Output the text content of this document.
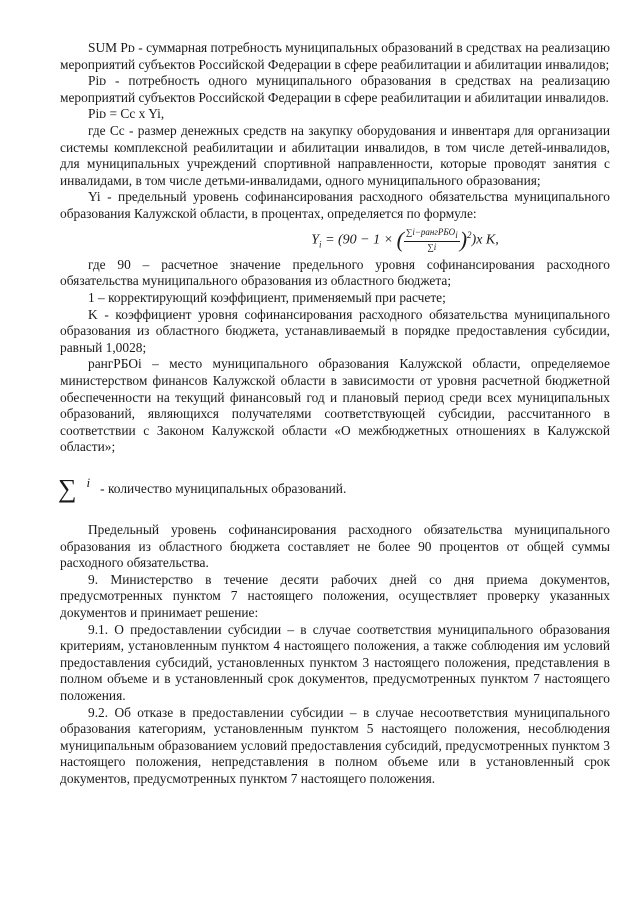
SUM Pᴅ - суммарная потребность муниципальных образований в средствах на реализацию мероприятий субъектов Российской Федерации в сфере реабилитации и абилитации инвалидов;

Piᴅ - потребность одного муниципального образования в средствах на реализацию мероприятий субъектов Российской Федерации в сфере реабилитации и абилитации инвалидов.

Piᴅ = Cc x Yi,

где Cc - размер денежных средств на закупку оборудования и инвентаря для организации системы комплексной реабилитации и абилитации инвалидов, в том числе детей-инвалидов, для муниципальных учреждений спортивной направленности, которые проводят занятия с инвалидами, в том числе детьми-инвалидами, одного муниципального образования;

Yi - предельный уровень софинансирования расходного обязательства муниципального образования Калужской области, в процентах, определяется по формуле:

$Y_i = (90 - 1$ × ( $\frac{\text{∑i−рангРБОi}}{\sum i} )^2)x$ K,

где 90 – расчетное значение предельного уровня софинансирования расходного обязательства муниципального образования из областного бюджета;

1 – корректирующий коэффициент, применяемый при расчете;

K - коэффициент уровня софинансирования расходного обязательства муниципального образования из областного бюджета, устанавливаемый в порядке предоставления субсидии, равный 1,0028;

рангРБОi – место муниципального образования Калужской области, определяемое министерством финансов Калужской области в зависимости от уровня расчетной бюджетной обеспеченности на текущий финансовый год и плановый период среди всех муниципальных образований, являющихся получателями соответствующей субсидии, рассчитанного в соответствии с Законом Калужской области «О межбюджетных отношениях в Калужской области»;

∑ i - количество муниципальных образований.

Предельный уровень софинансирования расходного обязательства муниципального образования из областного бюджета составляет не более 90 процентов от общей суммы расходного обязательства.

9. Министерство в течение десяти рабочих дней со дня приема документов, предусмотренных пунктом 7 настоящего положения, осуществляет проверку указанных документов и принимает решение:

9.1. О предоставлении субсидии – в случае соответствия муниципального образования критериям, установленным пунктом 4 настоящего положения, а также соблюдения им условий предоставления субсидий, установленных пунктом 3 настоящего положения, представления в полном объеме и в установленный срок документов, предусмотренных пунктом 7 настоящего положения.

9.2. Об отказе в предоставлении субсидии – в случае несоответствия муниципального образования категориям, установленным пунктом 5 настоящего положения, несоблюдения муниципальным образованием условий предоставления субсидий, предусмотренных пунктом 3 настоящего положения, непредставления в полном объеме или в установленный срок документов, предусмотренных пунктом 7 настоящего положения.
